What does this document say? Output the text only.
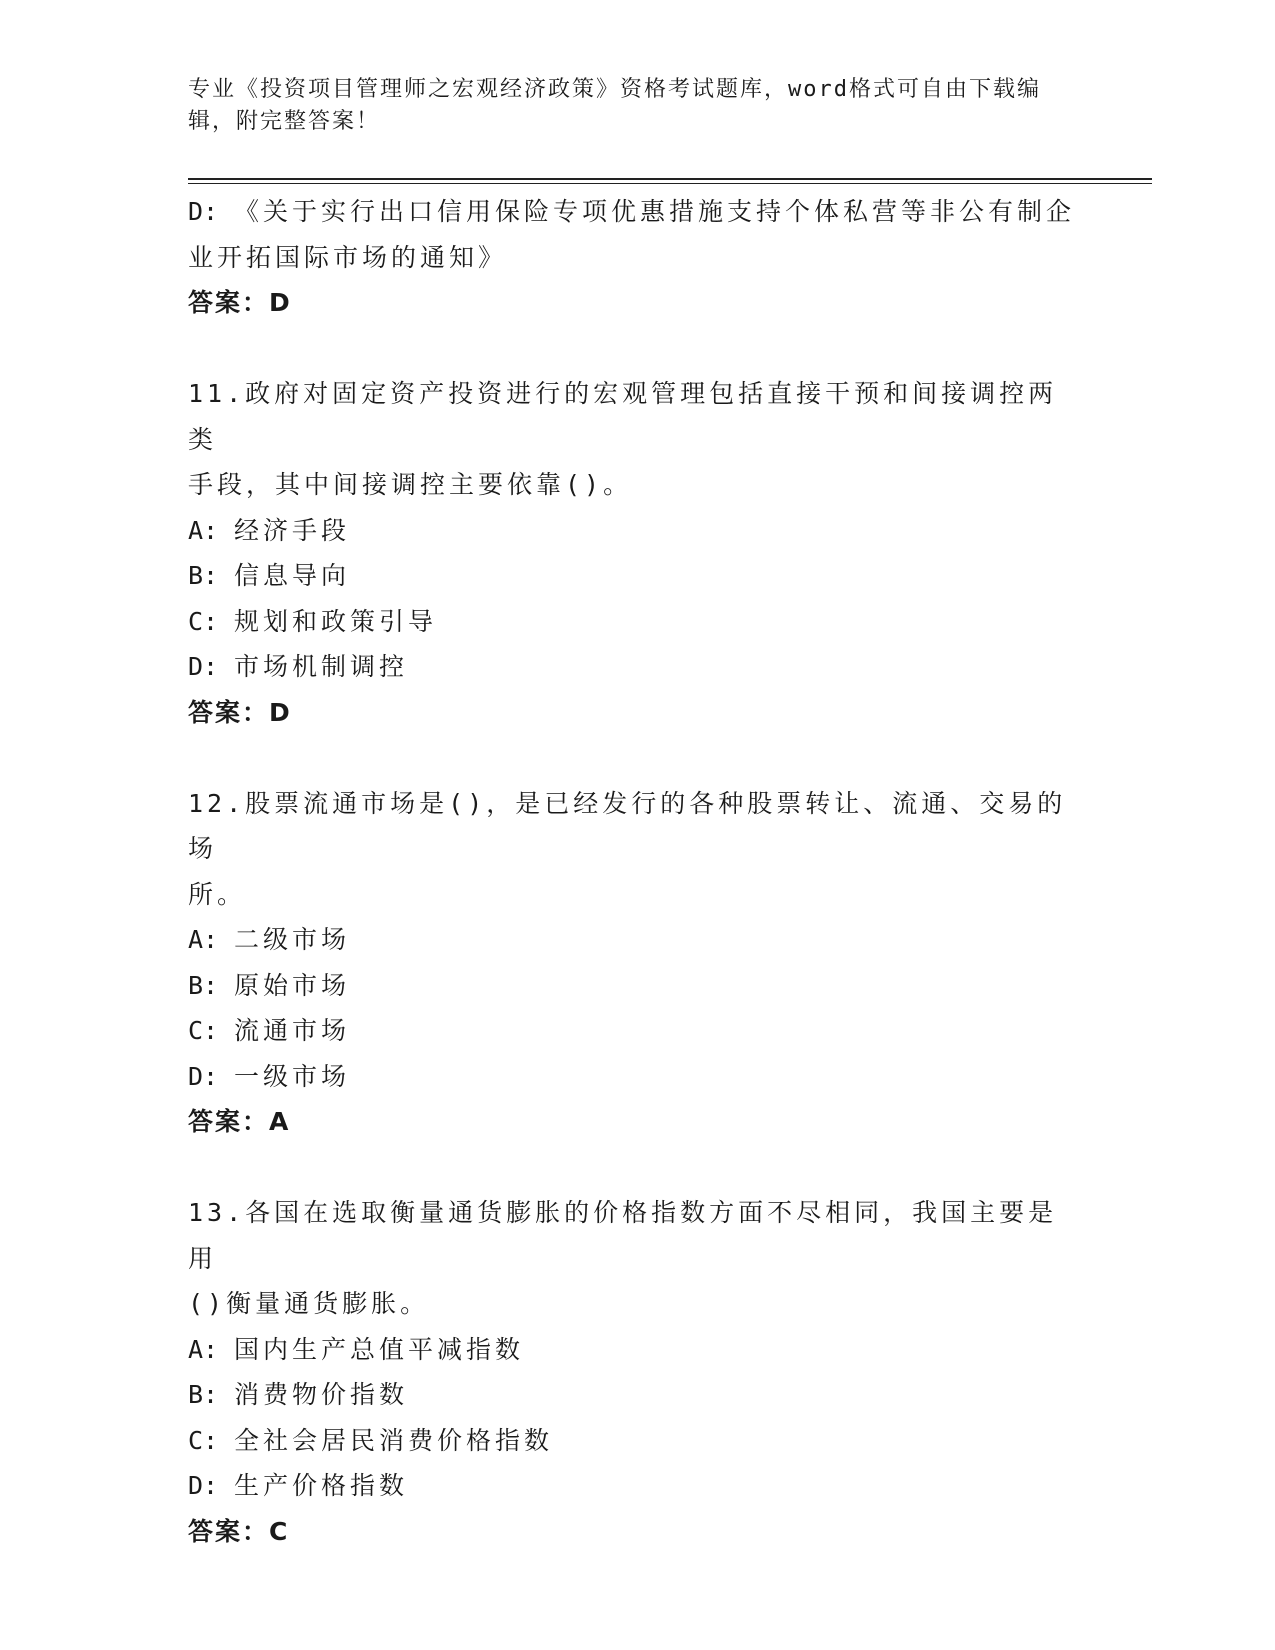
专业《投资项目管理师之宏观经济政策》资格考试题库，word格式可自由下载编辑，附完整答案！

D: 《关于实行出口信用保险专项优惠措施支持个体私营等非公有制企

业开拓国际市场的通知》

答案：D

11.政府对固定资产投资进行的宏观管理包括直接干预和间接调控两类

手段，其中间接调控主要依靠()。

A: 经济手段

B: 信息导向

C: 规划和政策引导

D: 市场机制调控

答案：D

12.股票流通市场是()，是已经发行的各种股票转让、流通、交易的场

所。

A: 二级市场

B: 原始市场

C: 流通市场

D: 一级市场

答案：A

13.各国在选取衡量通货膨胀的价格指数方面不尽相同，我国主要是用

()衡量通货膨胀。

A: 国内生产总值平减指数

B: 消费物价指数

C: 全社会居民消费价格指数

D: 生产价格指数

答案：C
